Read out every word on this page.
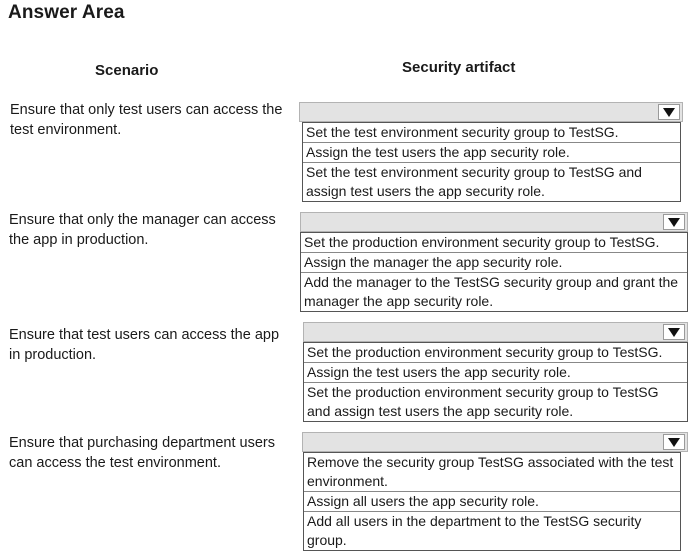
Answer Area
Scenario	Security artifact
Ensure that only test users can access the test environment.	Set the test environment security group to TestSG.
Assign the test users the app security role.
Set the test environment security group to TestSG and assign test users the app security role.
Ensure that only the manager can access the app in production.	Set the production environment security group to TestSG.
Assign the manager the app security role.
Add the manager to the TestSG security group and grant the manager the app security role.
Ensure that test users can access the app in production.	Set the production environment security group to TestSG.
Assign the test users the app security role.
Set the production environment security group to TestSG and assign test users the app security role.
Ensure that purchasing department users can access the test environment.	Remove the security group TestSG associated with the test environment.
Assign all users the app security role.
Add all users in the department to the TestSG security group.
